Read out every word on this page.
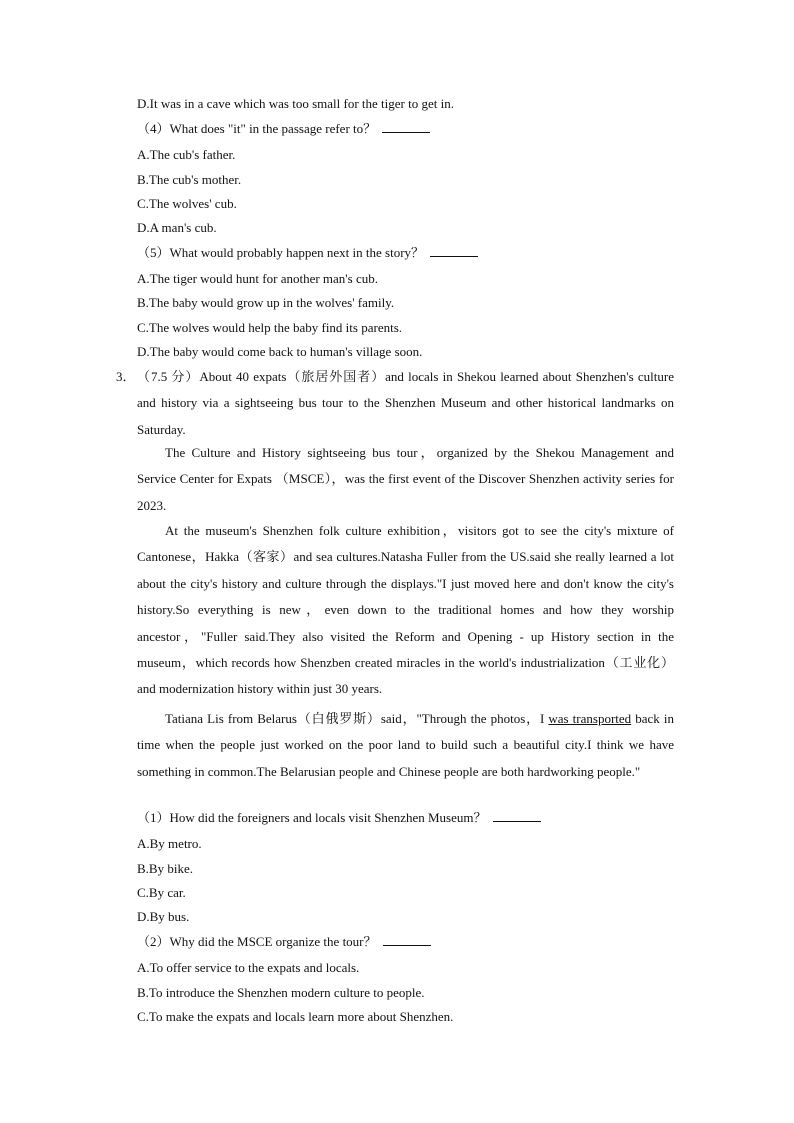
D.It was in a cave which was too small for the tiger to get in.
（4）What does "it" in the passage refer to？
A.The cub's father.
B.The cub's mother.
C.The wolves' cub.
D.A man's cub.
（5）What would probably happen next in the story？
A.The tiger would hunt for another man's cub.
B.The baby would grow up in the wolves' family.
C.The wolves would help the baby find its parents.
D.The baby would come back to human's village soon.
3． （7.5 分）About 40 expats（旅居外国者）and locals in Shekou learned about Shenzhen's culture and history via a sightseeing bus tour to the Shenzhen Museum and other historical landmarks on Saturday.
The Culture and History sightseeing bus tour，organized by the Shekou Management and Service Center for Expats （MSCE），was the first event of the Discover Shenzhen activity series for 2023.
At the museum's Shenzhen folk culture exhibition，visitors got to see the city's mixture of Cantonese，Hakka（客家）and sea cultures.Natasha Fuller from the US.said she really learned a lot about the city's history and culture through the displays."I just moved here and don't know the city's history.So everything is new，even down to the traditional homes and how they worship ancestor，"Fuller said.They also visited the Reform and Opening - up History section in the museum，which records how Shenzben created miracles in the world's industrialization（工业化） and modernization history within just 30 years.
Tatiana Lis from Belarus（白俄罗斯）said，"Through the photos，I was transported back in time when the people just worked on the poor land to build such a beautiful city.I think we have something in common.The Belarusian people and Chinese people are both hardworking people."
（1）How did the foreigners and locals visit Shenzhen Museum？
A.By metro.
B.By bike.
C.By car.
D.By bus.
（2）Why did the MSCE organize the tour？
A.To offer service to the expats and locals.
B.To introduce the Shenzhen modern culture to people.
C.To make the expats and locals learn more about Shenzhen.
